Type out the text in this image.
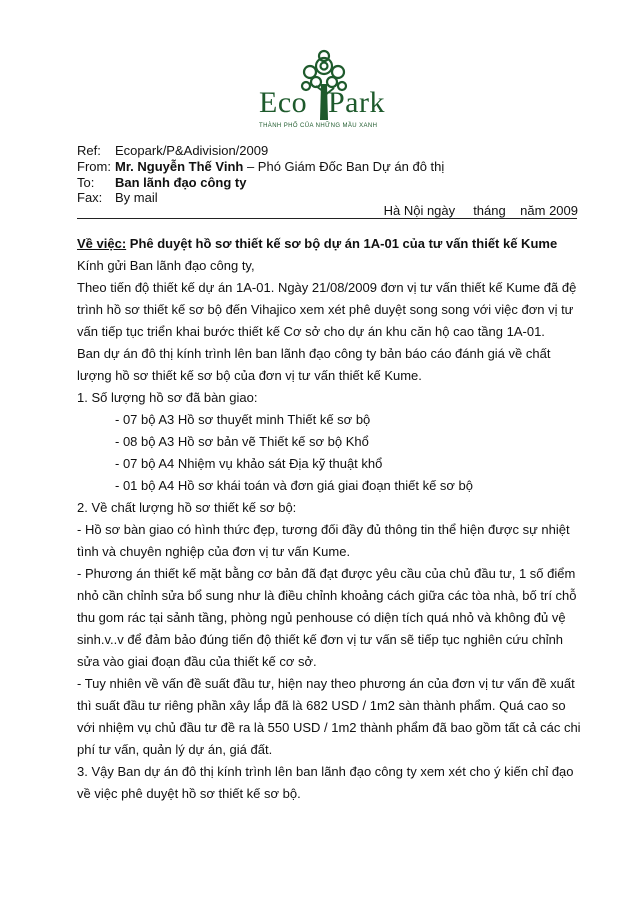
Eco Park
THÀNH PHỐ CỦA NHỮNG MẦU XANH
Ref: Ecopark/P&Adivision/2009
From: Mr. Nguyễn Thế Vinh – Phó Giám Đốc Ban Dự án đô thị
To: Ban lãnh đạo công ty
Fax: By mail
Hà Nội ngày     tháng    năm 2009
Về việc: Phê duyệt hồ sơ thiết kế sơ bộ dự án 1A-01 của tư vấn thiết kế Kume
Kính gửi Ban lãnh đạo công ty,
Theo tiến độ thiết kế dự án 1A-01. Ngày 21/08/2009 đơn vị tư vấn thiết kế Kume đã đệ
trình hồ sơ thiết kế sơ bộ đến Vihajico xem xét phê duyệt song song với việc đơn vị tư
vấn tiếp tục triển khai bước thiết kế Cơ sở cho dự án khu căn hộ cao tầng 1A-01.
Ban dự án đô thị kính trình lên ban lãnh đạo công ty bản báo cáo đánh giá về chất
lượng hồ sơ thiết kế sơ bộ của đơn vị tư vấn thiết kế Kume.
1. Số lượng hồ sơ đã bàn giao:
- 07 bộ A3 Hồ sơ thuyết minh Thiết kế sơ bộ
- 08 bộ A3 Hồ sơ bản vẽ Thiết kế sơ bộ Khổ
- 07 bộ A4 Nhiệm vụ khảo sát Địa kỹ thuật khổ
- 01 bộ A4 Hồ sơ khái toán và đơn giá giai đoạn thiết kế sơ bộ
2. Về chất lượng hồ sơ thiết kế sơ bộ:
- Hồ sơ bàn giao có hình thức đẹp, tương đối đầy đủ thông tin thể hiện được sự nhiệt
tình và chuyên nghiệp của đơn vị tư vấn Kume.
- Phương án thiết kế mặt bằng cơ bản đã đạt được yêu cầu của chủ đầu tư, 1 số điểm
nhỏ cần chỉnh sửa bổ sung như là điều chỉnh khoảng cách giữa các tòa nhà, bố trí chỗ
thu gom rác tại sảnh tầng, phòng ngủ penhouse có diện tích quá nhỏ và không đủ vệ
sinh.v..v để đảm bảo đúng tiến độ thiết kế đơn vị tư vấn sẽ tiếp tục nghiên cứu chỉnh
sửa vào giai đoạn đầu của thiết kế cơ sở.
- Tuy nhiên về vấn đề suất đầu tư, hiện nay theo phương án của đơn vị tư vấn đề xuất
thì suất đầu tư riêng phần xây lắp đã là 682 USD / 1m2 sàn thành phẩm. Quá cao so
với nhiệm vụ chủ đầu tư đề ra là 550 USD / 1m2 thành phẩm đã bao gồm tất cả các chi
phí tư vấn, quản lý dự án, giá đất.
3. Vậy Ban dự án đô thị kính trình lên ban lãnh đạo công ty xem xét cho ý kiến chỉ đạo
về việc phê duyệt hồ sơ thiết kế sơ bộ.
